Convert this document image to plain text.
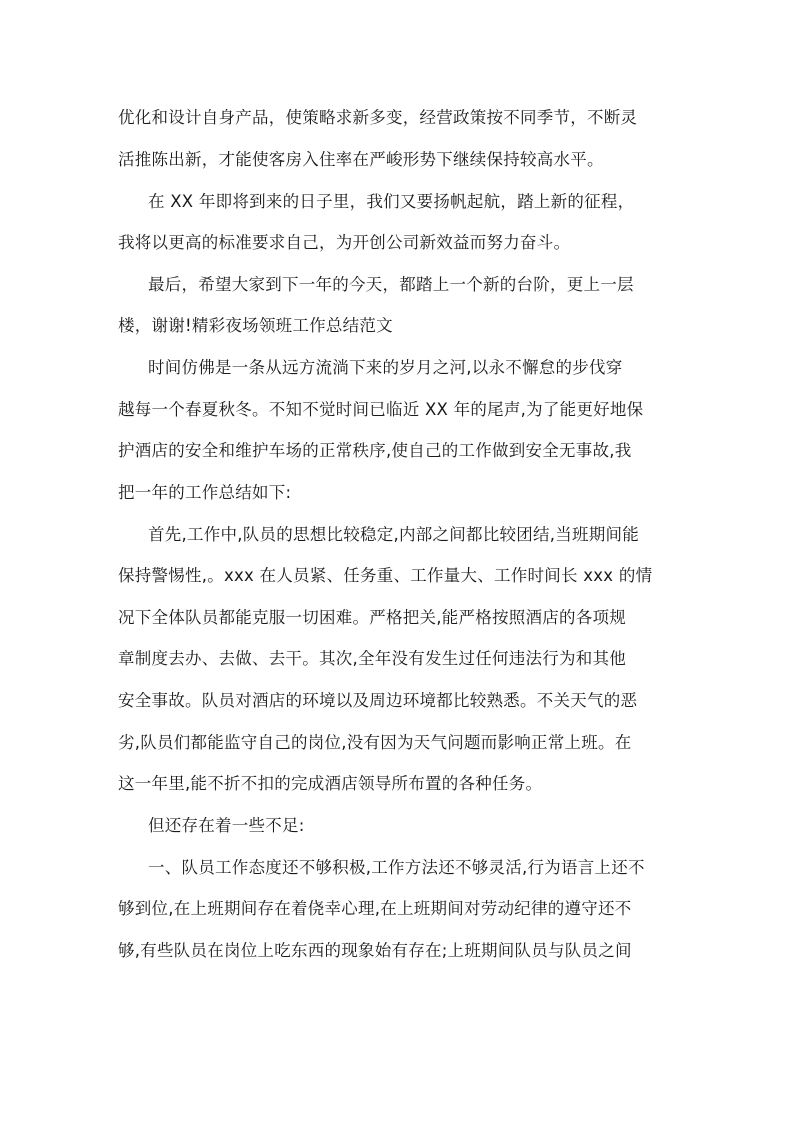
优化和设计自身产品，使策略求新多变，经营政策按不同季节，不断灵
活推陈出新，才能使客房入住率在严峻形势下继续保持较高水平。
在 XX 年即将到来的日子里，我们又要扬帆起航，踏上新的征程，
我将以更高的标准要求自己，为开创公司新效益而努力奋斗。
最后，希望大家到下一年的今天，都踏上一个新的台阶，更上一层
楼，谢谢!精彩夜场领班工作总结范文
时间仿佛是一条从远方流淌下来的岁月之河,以永不懈怠的步伐穿
越每一个春夏秋冬。不知不觉时间已临近 XX 年的尾声,为了能更好地保
护酒店的安全和维护车场的正常秩序,使自己的工作做到安全无事故,我
把一年的工作总结如下:
首先,工作中,队员的思想比较稳定,内部之间都比较团结,当班期间能
保持警惕性,。xxx 在人员紧、任务重、工作量大、工作时间长 xxx 的情
况下全体队员都能克服一切困难。严格把关,能严格按照酒店的各项规
章制度去办、去做、去干。其次,全年没有发生过任何违法行为和其他
安全事故。队员对酒店的环境以及周边环境都比较熟悉。不关天气的恶
劣,队员们都能监守自己的岗位,没有因为天气问题而影响正常上班。在
这一年里,能不折不扣的完成酒店领导所布置的各种任务。
但还存在着一些不足:
一、队员工作态度还不够积极,工作方法还不够灵活,行为语言上还不
够到位,在上班期间存在着侥幸心理,在上班期间对劳动纪律的遵守还不
够,有些队员在岗位上吃东西的现象始有存在;上班期间队员与队员之间
